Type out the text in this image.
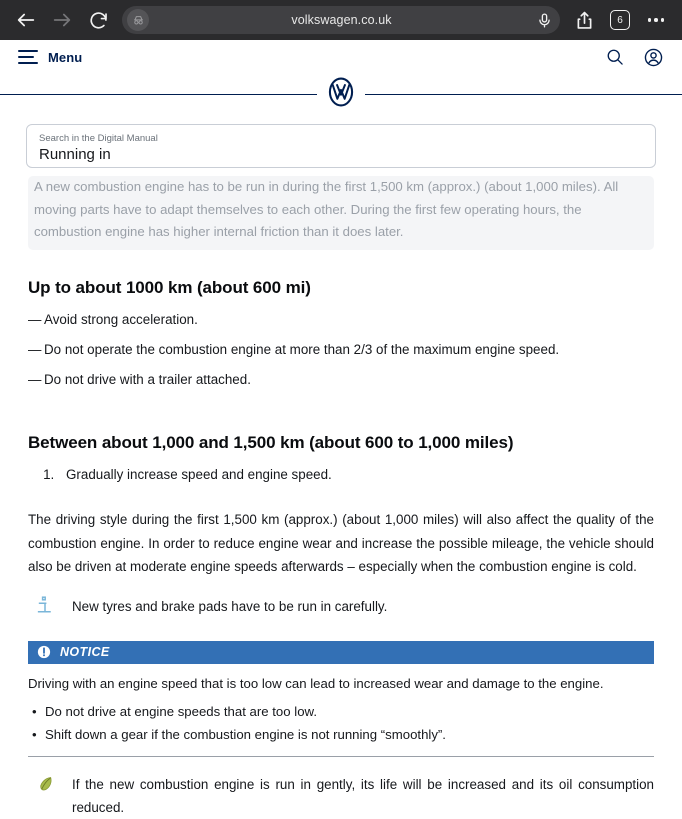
volkswagen.co.uk	6
Menu
Search in the Digital Manual
Running in

A new combustion engine has to be run in during the first 1,500 km (approx.) (about 1,000 miles). All moving parts have to adapt themselves to each other. During the first few operating hours, the combustion engine has higher internal friction than it does later.

Up to about 1000 km (about 600 mi)
— Avoid strong acceleration.
— Do not operate the combustion engine at more than 2/3 of the maximum engine speed.
— Do not drive with a trailer attached.
Between about 1,000 and 1,500 km (about 600 to 1,000 miles)
1. Gradually increase speed and engine speed.

The driving style during the first 1,500 km (approx.) (about 1,000 miles) will also affect the quality of the combustion engine. In order to reduce engine wear and increase the possible mileage, the vehicle should also be driven at moderate engine speeds afterwards – especially when the combustion engine is cold.

New tyres and brake pads have to be run in carefully.
NOTICE

Driving with an engine speed that is too low can lead to increased wear and damage to the engine.

• Do not drive at engine speeds that are too low.
• Shift down a gear if the combustion engine is not running “smoothly”.
If the new combustion engine is run in gently, its life will be increased and its oil consumption reduced.
